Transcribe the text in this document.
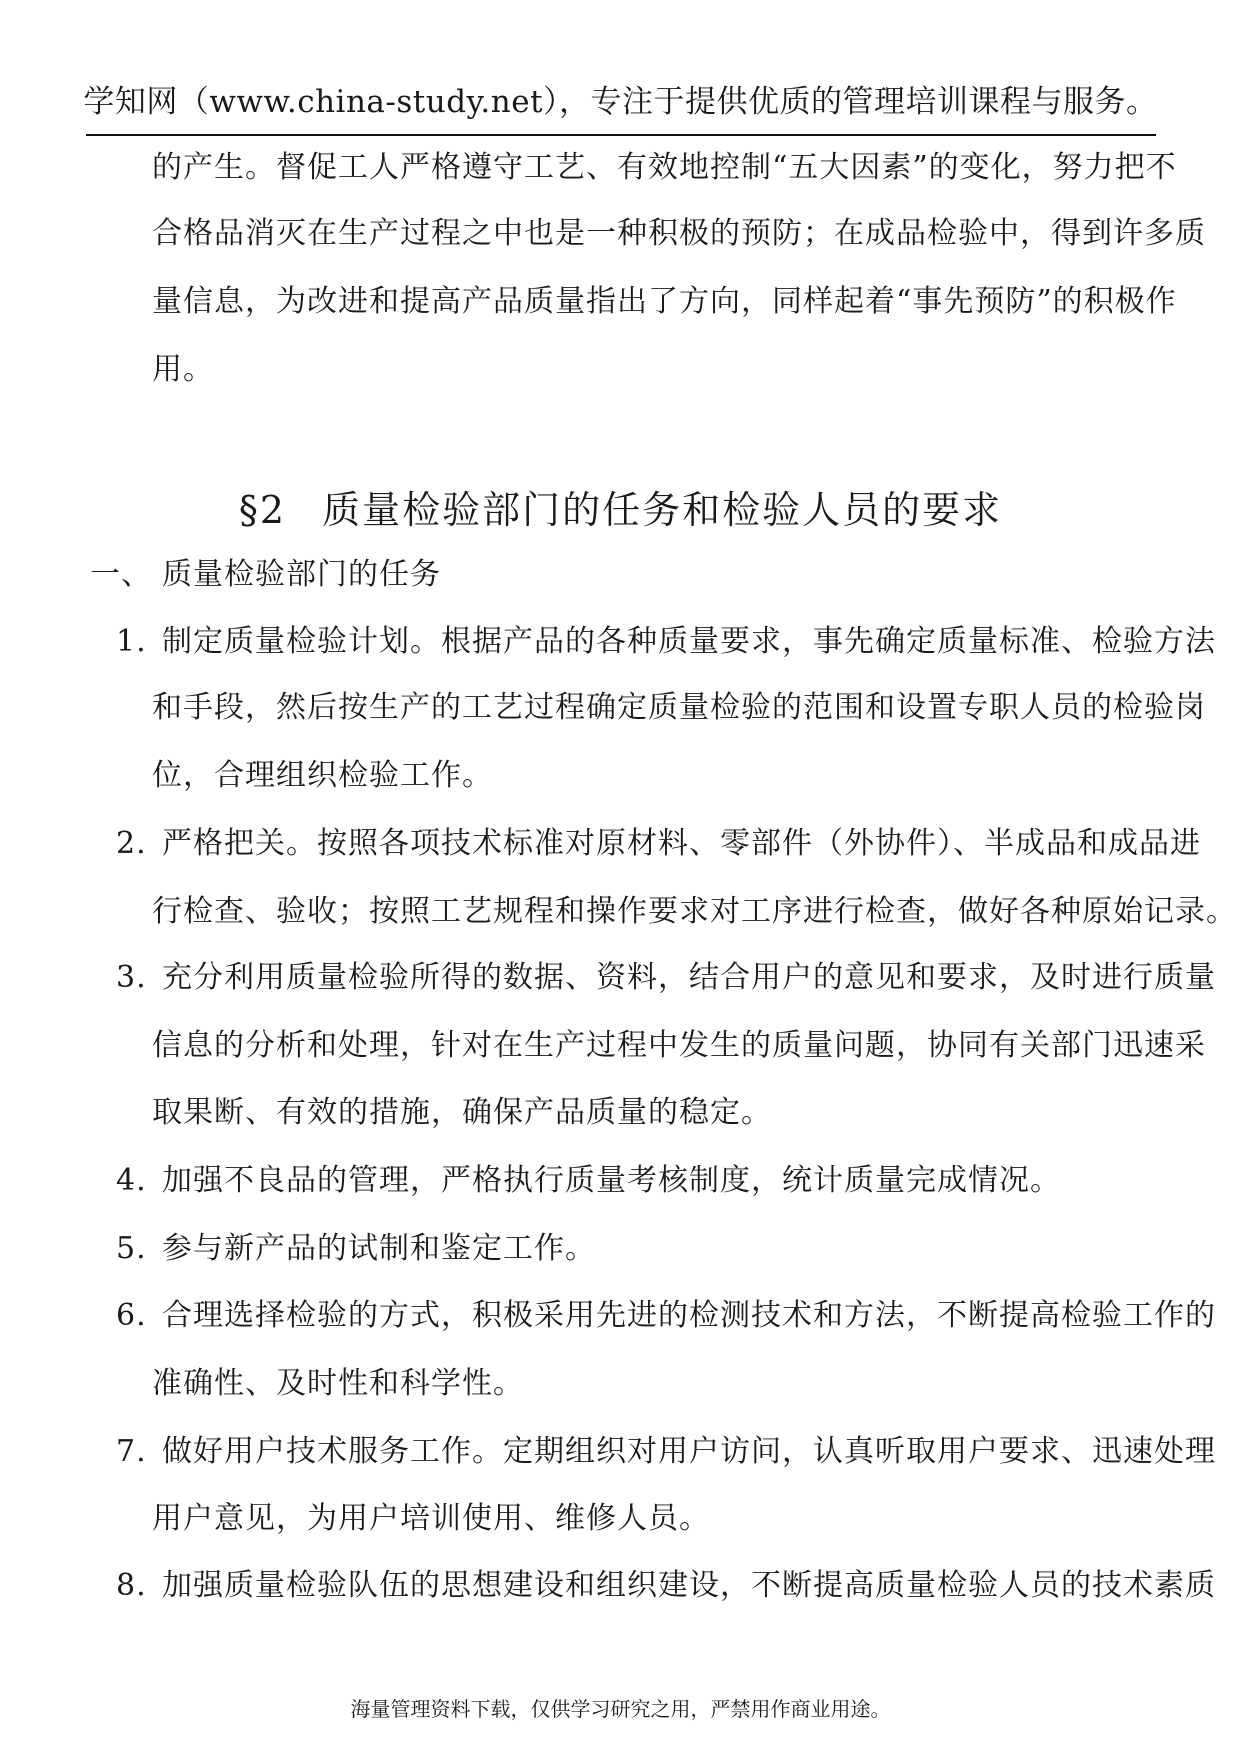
学知网（www.china-study.net），专注于提供优质的管理培训课程与服务。
的产生。督促工人严格遵守工艺、有效地控制“五大因素”的变化，努力把不
合格品消灭在生产过程之中也是一种积极的预防；在成品检验中，得到许多质
量信息，为改进和提高产品质量指出了方向，同样起着“事先预防”的积极作
用。
§2 质量检验部门的任务和检验人员的要求
一、 质量检验部门的任务
1. 制定质量检验计划。根据产品的各种质量要求，事先确定质量标准、检验方法
和手段，然后按生产的工艺过程确定质量检验的范围和设置专职人员的检验岗
位，合理组织检验工作。
2. 严格把关。按照各项技术标准对原材料、零部件（外协件）、半成品和成品进
行检查、验收；按照工艺规程和操作要求对工序进行检查，做好各种原始记录。
3. 充分利用质量检验所得的数据、资料，结合用户的意见和要求，及时进行质量
信息的分析和处理，针对在生产过程中发生的质量问题，协同有关部门迅速采
取果断、有效的措施，确保产品质量的稳定。
4. 加强不良品的管理，严格执行质量考核制度，统计质量完成情况。
5. 参与新产品的试制和鉴定工作。
6. 合理选择检验的方式，积极采用先进的检测技术和方法，不断提高检验工作的
准确性、及时性和科学性。
7. 做好用户技术服务工作。定期组织对用户访问，认真听取用户要求、迅速处理
用户意见，为用户培训使用、维修人员。
8. 加强质量检验队伍的思想建设和组织建设，不断提高质量检验人员的技术素质
海量管理资料下载，仅供学习研究之用，严禁用作商业用途。
